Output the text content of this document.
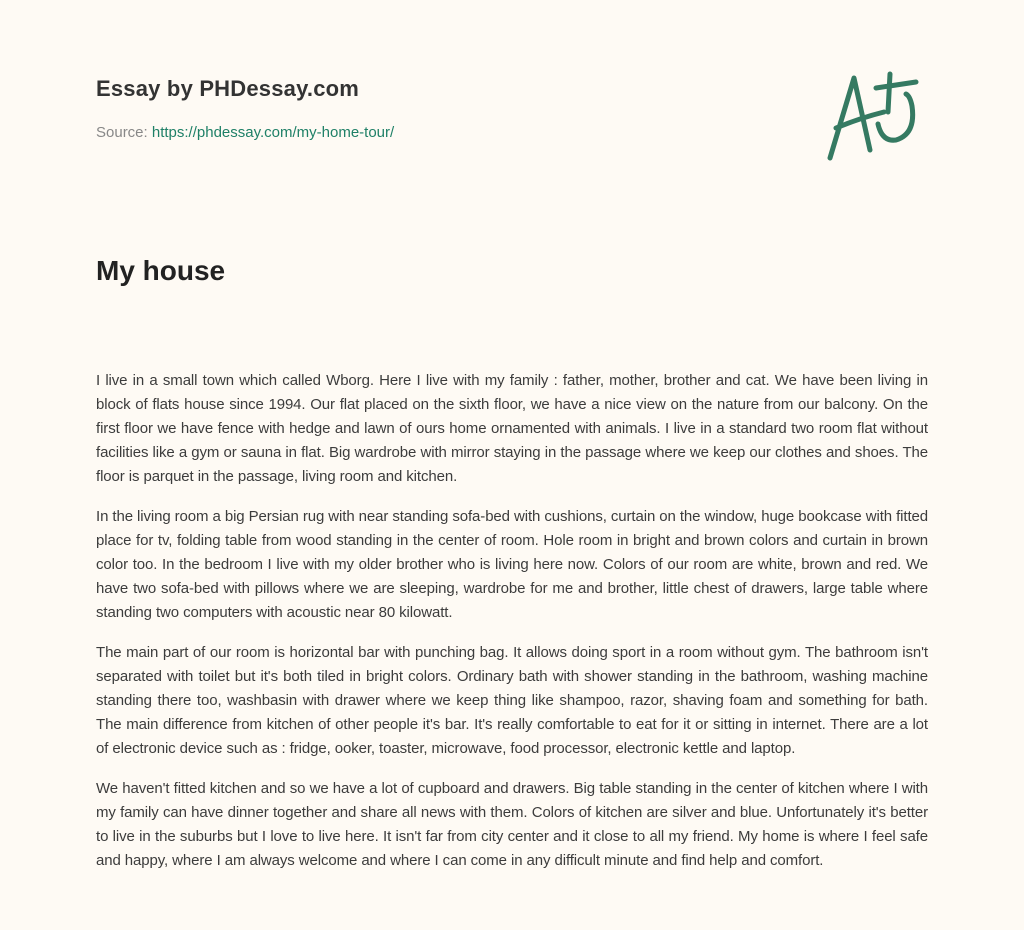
Essay by PHDessay.com
Source: https://phdessay.com/my-home-tour/
My house

I live in a small town which called Wborg. Here I live with my family : father, mother, brother and cat. We have been living in block of flats house since 1994. Our flat placed on the sixth floor, we have a nice view on the nature from our balcony. On the first floor we have fence with hedge and lawn of ours home ornamented with animals. I live in a standard two room flat without facilities like a gym or sauna in flat. Big wardrobe with mirror staying in the passage where we keep our clothes and shoes. The floor is parquet in the passage, living room and kitchen.

In the living room a big Persian rug with near standing sofa-bed with cushions, curtain on the window, huge bookcase with fitted place for tv, folding table from wood standing in the center of room. Hole room in bright and brown colors and curtain in brown color too. In the bedroom I live with my older brother who is living here now. Colors of our room are white, brown and red. We have two sofa-bed with pillows where we are sleeping, wardrobe for me and brother, little chest of drawers, large table where standing two computers with acoustic near 80 kilowatt.

The main part of our room is horizontal bar with punching bag. It allows doing sport in a room without gym. The bathroom isn't separated with toilet but it's both tiled in bright colors. Ordinary bath with shower standing in the bathroom, washing machine standing there too, washbasin with drawer where we keep thing like shampoo, razor, shaving foam and something for bath. The main difference from kitchen of other people it's bar. It's really comfortable to eat for it or sitting in internet. There are a lot of electronic device such as : fridge, ooker, toaster, microwave, food processor, electronic kettle and laptop.

We haven't fitted kitchen and so we have a lot of cupboard and drawers. Big table standing in the center of kitchen where I with my family can have dinner together and share all news with them. Colors of kitchen are silver and blue. Unfortunately it's better to live in the suburbs but I love to live here. It isn't far from city center and it close to all my friend. My home is where I feel safe and happy, where I am always welcome and where I can come in any difficult minute and find help and comfort.
